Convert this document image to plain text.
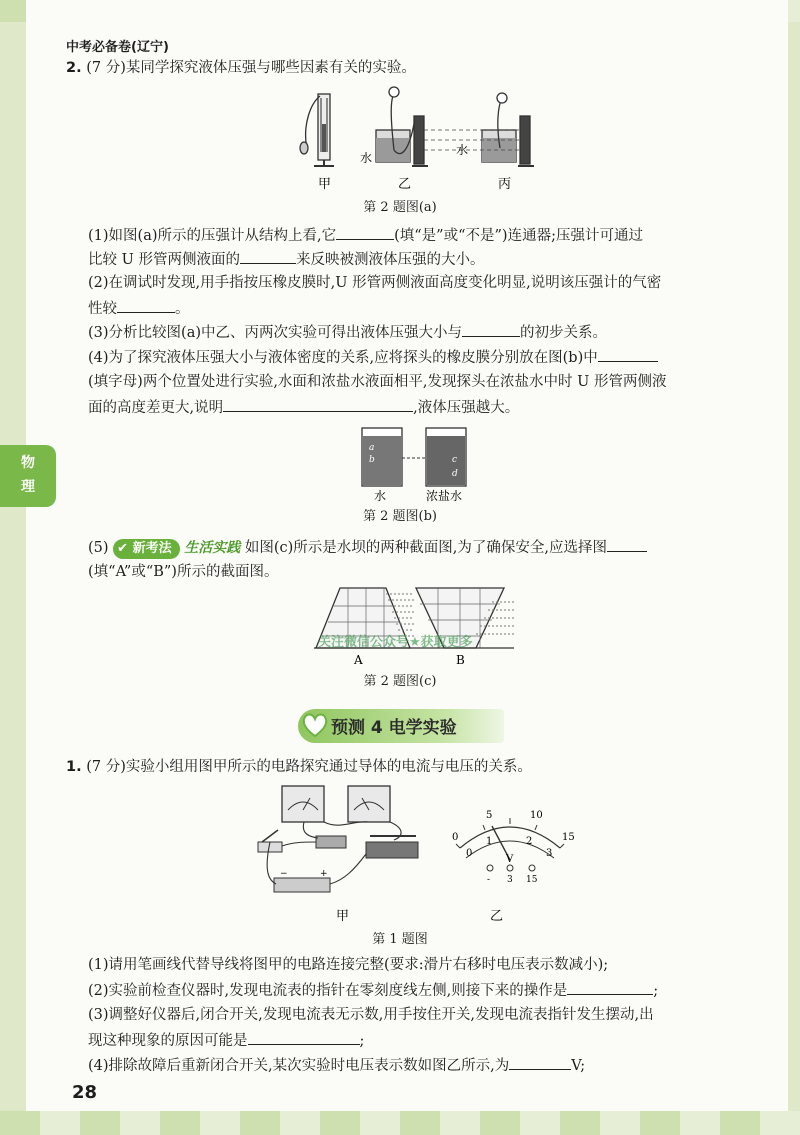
物
理
中考必备卷(辽宁)
2. (7 分)某同学探究液体压强与哪些因素有关的实验。
水
水
甲	乙	丙
第 2 题图(a)
(1)如图(a)所示的压强计从结构上看,它	(填“是”或“不是”)连通器;压强计可通过
比较 U 形管两侧液面的	来反映被测液体压强的大小。
(2)在调试时发现,用手指按压橡皮膜时,U 形管两侧液面高度变化明显,说明该压强计的气密
性较	。
(3)分析比较图(a)中乙、丙两次实验可得出液体压强大小与	的初步关系。
(4)为了探究液体压强大小与液体密度的关系,应将探头的橡皮膜分别放在图(b)中
(填字母)两个位置处进行实验,水面和浓盐水液面相平,发现探头在浓盐水中时 U 形管两侧液
面的高度差更大,说明	,液体压强越大。
a
b	c
d
水	浓盐水
第 2 题图(b)
(5) ✔ 新考法 生活实践 如图(c)所示是水坝的两种截面图,为了确保安全,应选择图
(填“A”或“B”)所示的截面图。
A	B
关注微信公众号★获取更多
第 2 题图(c)
预测 4 电学实验
1. (7 分)实验小组用图甲所示的电路探究通过导体的电流与电压的关系。
−	+
甲
0
5	10
15
0
1	2
3
V
- 3 15
乙
第 1 题图
(1)请用笔画线代替导线将图甲的电路连接完整(要求:滑片右移时电压表示数减小);
(2)实验前检查仪器时,发现电流表的指针在零刻度线左侧,则接下来的操作是	;
(3)调整好仪器后,闭合开关,发现电流表无示数,用手按住开关,发现电流表指针发生摆动,出
现这种现象的原因可能是	;
(4)排除故障后重新闭合开关,某次实验时电压表示数如图乙所示,为	V;
28
